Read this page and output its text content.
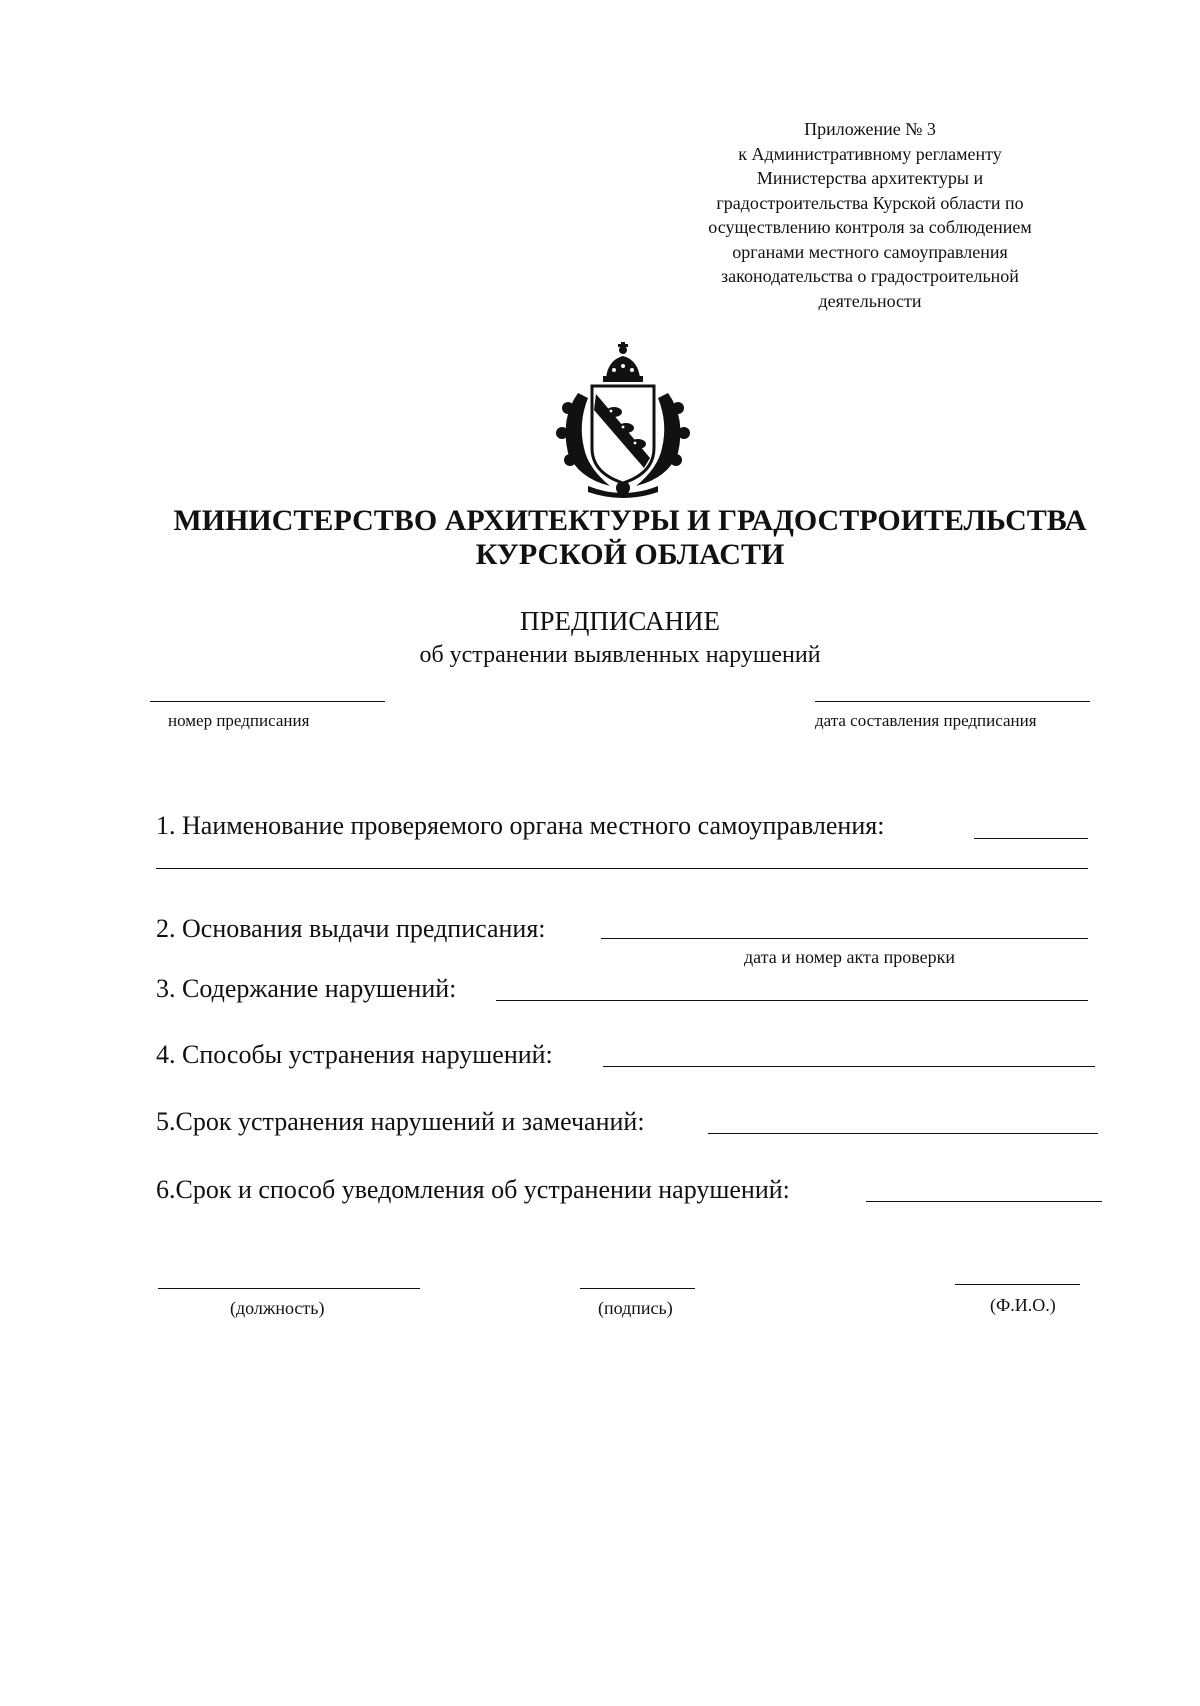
Приложение № 3
к Административному регламенту
Министерства архитектуры и
градостроительства Курской области по
осуществлению контроля за соблюдением
органами местного самоуправления
законодательства о градостроительной
деятельности
МИНИСТЕРСТВО АРХИТЕКТУРЫ И ГРАДОСТРОИТЕЛЬСТВА
КУРСКОЙ ОБЛАСТИ
ПРЕДПИСАНИЕ
об устранении выявленных нарушений
номер предписания	дата составления предписания
1. Наименование проверяемого органа местного самоуправления:
2. Основания выдачи предписания:
дата и номер акта проверки
3. Содержание нарушений:
4. Способы устранения нарушений:
5.Срок устранения нарушений и замечаний:
6.Срок и способ уведомления об устранении нарушений:
(должность)	(подпись)	(Ф.И.О.)
